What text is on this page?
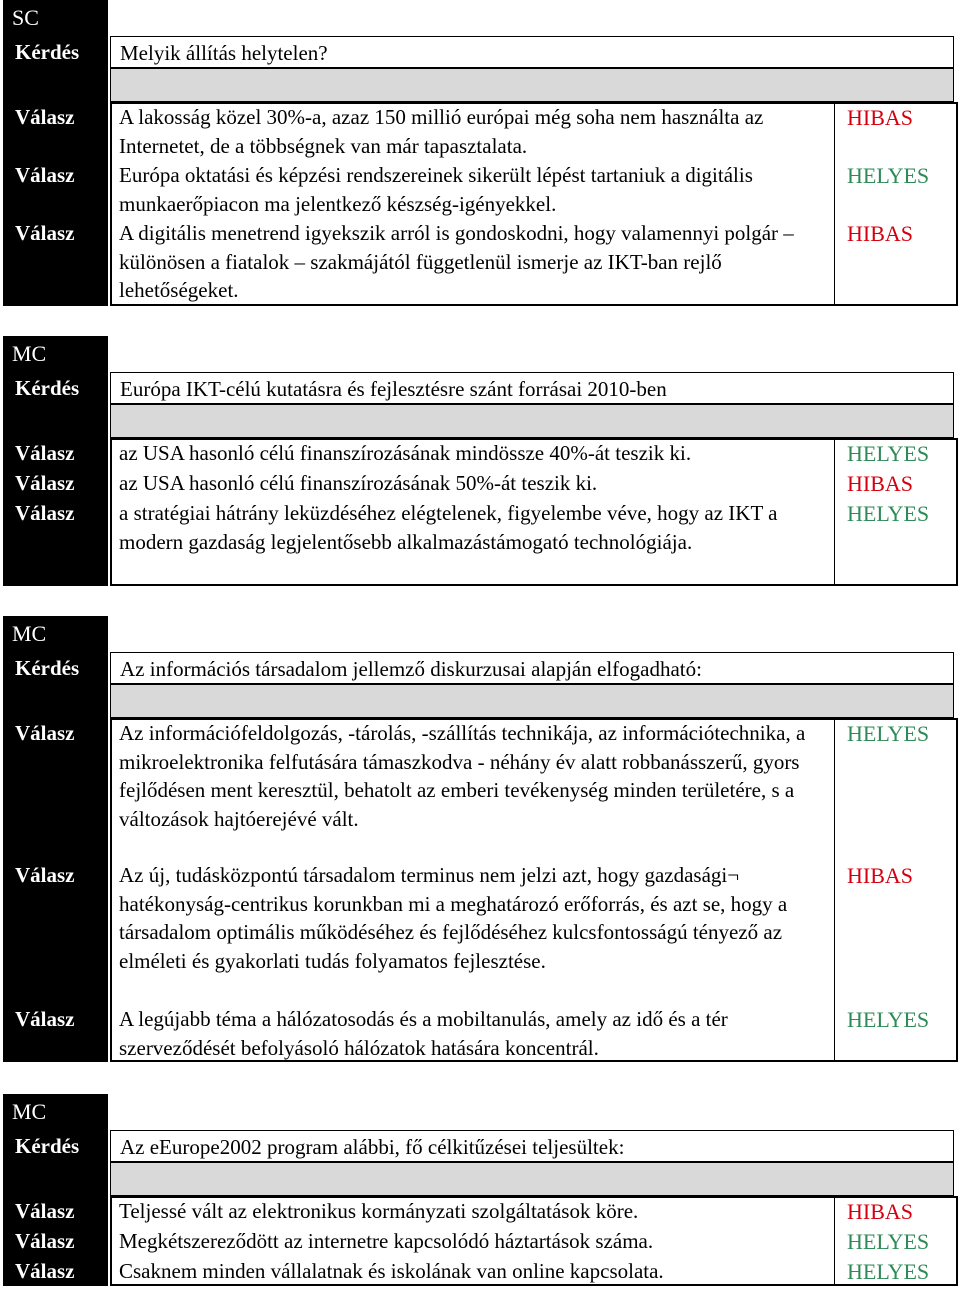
SC
Kérdés Melyik állítás helytelen?
Válasz A lakosság közel 30%-a, azaz 150 millió európai még soha nem használta az Internetet, de a többségnek van már tapasztalata.
HIBAS
Válasz Európa oktatási és képzési rendszereinek sikerült lépést tartaniuk a digitális munkaerőpiacon ma jelentkező készség-igényekkel.
HELYES
Válasz A digitális menetrend igyekszik arról is gondoskodni, hogy valamennyi polgár – különösen a fiatalok – szakmájától függetlenül ismerje az IKT-ban rejlő lehetőségeket.
HIBAS
MC
Kérdés Európa IKT-célú kutatásra és fejlesztésre szánt forrásai 2010-ben
Válasz az USA hasonló célú finanszírozásának mindössze 40%-át teszik ki.	HELYES
Válasz az USA hasonló célú finanszírozásának 50%-át teszik ki.	HIBAS
Válasz a stratégiai hátrány leküzdéséhez elégtelenek, figyelembe véve, hogy az IKT a modern gazdaság legjelentősebb alkalmazástámogató technológiája.
HELYES
MC
Kérdés Az információs társadalom jellemző diskurzusai alapján elfogadható:
Válasz Az információfeldolgozás, -tárolás, -szállítás technikája, az információtechnika, a mikroelektronika felfutására támaszkodva - néhány év alatt robbanásszerű, gyors fejlődésen ment keresztül, behatolt az emberi tevékenység minden területére, s a változások hajtóerejévé vált.
HELYES
Válasz Az új, tudásközpontú társadalom terminus nem jelzi azt, hogy gazdasági¬ hatékonyság-centrikus korunkban mi a meghatározó erőforrás, és azt se, hogy a társadalom optimális működéséhez és fejlődéséhez kulcsfontosságú tényező az elméleti és gyakorlati tudás folyamatos fejlesztése.
HIBAS
Válasz A legújabb téma a hálózatosodás és a mobiltanulás, amely az idő és a tér szerveződését befolyásoló hálózatok hatására koncentrál.
HELYES
MC
Kérdés Az eEurope2002 program alábbi, fő célkitűzései teljesültek:
Válasz Teljessé vált az elektronikus kormányzati szolgáltatások köre.	HIBAS
Válasz Megkétszereződött az internetre kapcsolódó háztartások száma.	HELYES
Válasz Csaknem minden vállalatnak és iskolának van online kapcsolata.	HELYES
